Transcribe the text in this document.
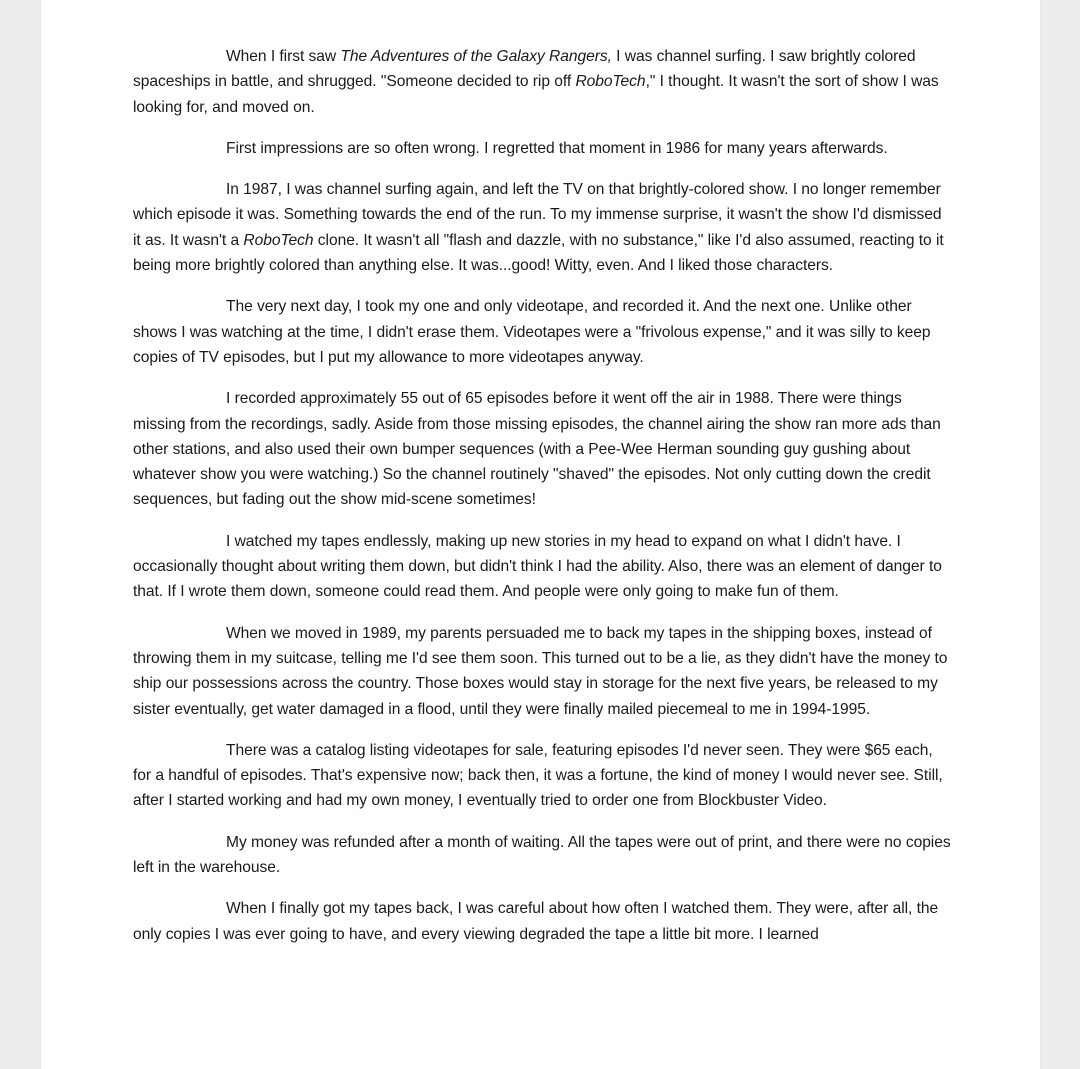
When I first saw The Adventures of the Galaxy Rangers, I was channel surfing. I saw brightly colored spaceships in battle, and shrugged. "Someone decided to rip off RoboTech," I thought. It wasn't the sort of show I was looking for, and moved on.

First impressions are so often wrong. I regretted that moment in 1986 for many years afterwards.

In 1987, I was channel surfing again, and left the TV on that brightly-colored show. I no longer remember which episode it was. Something towards the end of the run. To my immense surprise, it wasn't the show I'd dismissed it as. It wasn't a RoboTech clone. It wasn't all "flash and dazzle, with no substance," like I'd also assumed, reacting to it being more brightly colored than anything else. It was...good! Witty, even. And I liked those characters.

The very next day, I took my one and only videotape, and recorded it. And the next one. Unlike other shows I was watching at the time, I didn't erase them. Videotapes were a "frivolous expense," and it was silly to keep copies of TV episodes, but I put my allowance to more videotapes anyway.

I recorded approximately 55 out of 65 episodes before it went off the air in 1988. There were things missing from the recordings, sadly. Aside from those missing episodes, the channel airing the show ran more ads than other stations, and also used their own bumper sequences (with a Pee-Wee Herman sounding guy gushing about whatever show you were watching.) So the channel routinely "shaved" the episodes. Not only cutting down the credit sequences, but fading out the show mid-scene sometimes!

I watched my tapes endlessly, making up new stories in my head to expand on what I didn't have. I occasionally thought about writing them down, but didn't think I had the ability. Also, there was an element of danger to that. If I wrote them down, someone could read them. And people were only going to make fun of them.

When we moved in 1989, my parents persuaded me to back my tapes in the shipping boxes, instead of throwing them in my suitcase, telling me I'd see them soon. This turned out to be a lie, as they didn't have the money to ship our possessions across the country. Those boxes would stay in storage for the next five years, be released to my sister eventually, get water damaged in a flood, until they were finally mailed piecemeal to me in 1994-1995.

There was a catalog listing videotapes for sale, featuring episodes I'd never seen. They were $65 each, for a handful of episodes. That's expensive now; back then, it was a fortune, the kind of money I would never see. Still, after I started working and had my own money, I eventually tried to order one from Blockbuster Video.

My money was refunded after a month of waiting. All the tapes were out of print, and there were no copies left in the warehouse.

When I finally got my tapes back, I was careful about how often I watched them. They were, after all, the only copies I was ever going to have, and every viewing degraded the tape a little bit more. I learned
